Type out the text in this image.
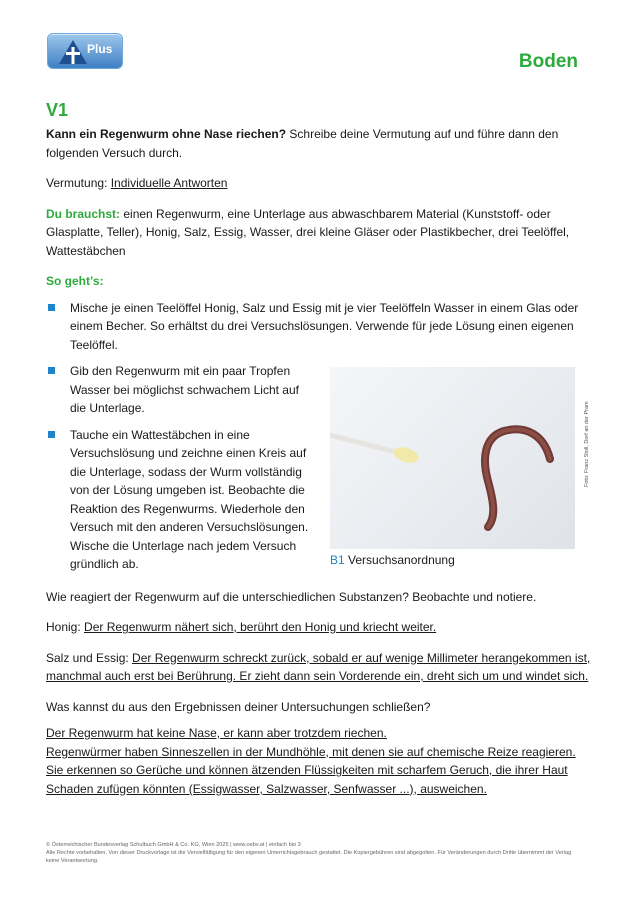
Plus
Boden
V1

Kann ein Regenwurm ohne Nase riechen? Schreibe deine Vermutung auf und führe dann den folgenden Versuch durch.

Vermutung: Individuelle Antworten

Du brauchst: einen Regenwurm, eine Unterlage aus abwaschbarem Material (Kunststoff- oder Glasplatte, Teller), Honig, Salz, Essig, Wasser, drei kleine Gläser oder Plastikbecher, drei Teelöffel, Wattestäbchen

So geht’s:

Mische je einen Teelöffel Honig, Salz und Essig mit je vier Teelöffeln Wasser in einem Glas oder einem Becher. So erhältst du drei Versuchslösungen. Verwende für jede Lösung einen eigenen Teelöffel.
Gib den Regenwurm mit ein paar Tropfen Wasser bei möglichst schwachem Licht auf die Unterlage.
Tauche ein Wattestäbchen in eine Versuchslösung und zeichne einen Kreis auf die Unterlage, sodass der Wurm vollständig von der Lösung umgeben ist. Beobachte die Reaktion des Regenwurms. Wiederhole den Versuch mit den anderen Versuchslösungen. Wische die Unterlage nach jedem Versuch gründlich ab.
Foto: Franz Stoll, Dorf an der Pram
B1 Versuchsanordnung

Wie reagiert der Regenwurm auf die unterschiedlichen Substanzen? Beobachte und notiere.

Honig: Der Regenwurm nähert sich, berührt den Honig und kriecht weiter.

Salz und Essig: Der Regenwurm schreckt zurück, sobald er auf wenige Millimeter herangekommen ist, manchmal auch erst bei Berührung. Er zieht dann sein Vorderende ein, dreht sich um und windet sich.

Was kannst du aus den Ergebnissen deiner Untersuchungen schließen?

Der Regenwurm hat keine Nase, er kann aber trotzdem riechen.
Regenwürmer haben Sinneszellen in der Mundhöhle, mit denen sie auf chemische Reize reagieren. Sie erkennen so Gerüche und können ätzenden Flüssigkeiten mit scharfem Geruch, die ihrer Haut Schaden zufügen könnten (Essigwasser, Salzwasser, Senfwasser ...), ausweichen.
© Österreichischer Bundesverlag Schulbuch GmbH & Co. KG, Wien 2025 | www.oebv.at | einfach bio 3
Alle Rechte vorbehalten. Von dieser Druckvorlage ist die Vervielfältigung für den eigenen Unterrichtsgebrauch gestattet. Die Kopiergebühren sind abgegolten. Für Veränderungen durch Dritte übernimmt der Verlag keine Verantwortung.
